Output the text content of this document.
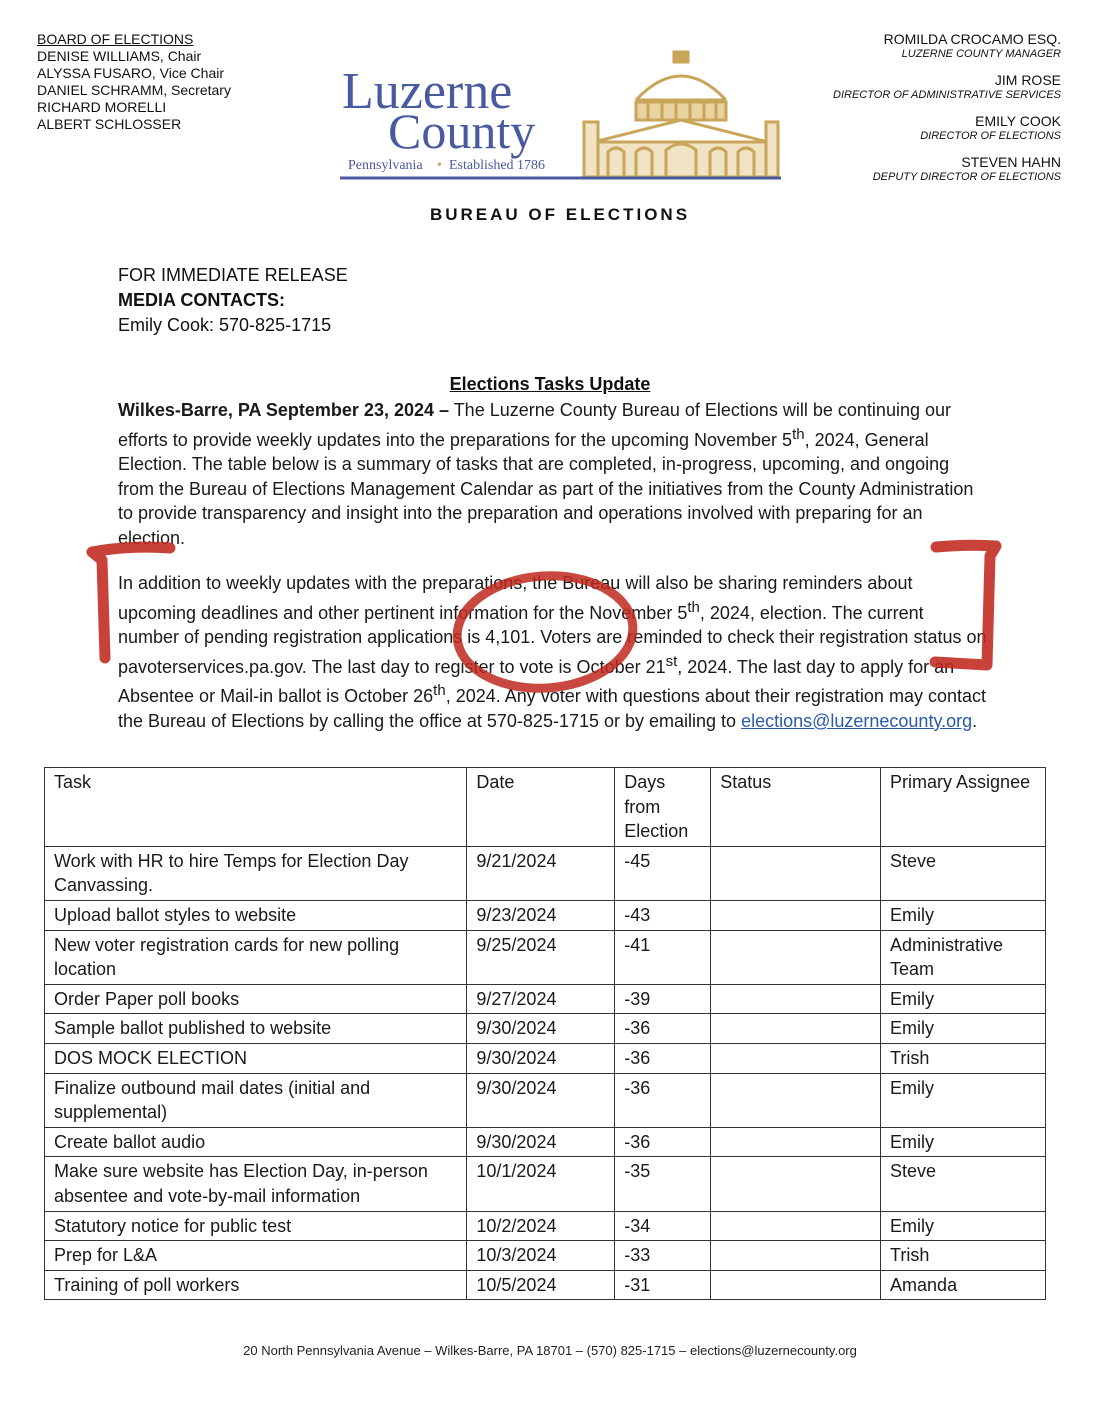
BOARD OF ELECTIONS
DENISE WILLIAMS, Chair
ALYSSA FUSARO, Vice Chair
DANIEL SCHRAMM, Secretary
RICHARD MORELLI
ALBERT SCHLOSSER
ROMILDA CROCAMO ESQ.
LUZERNE COUNTY MANAGER
JIM ROSE
DIRECTOR OF ADMINISTRATIVE SERVICES
EMILY COOK
DIRECTOR OF ELECTIONS
STEVEN HAHN
DEPUTY DIRECTOR OF ELECTIONS
Luzerne
County
Pennsylvania • Established 1786
BUREAU OF ELECTIONS
FOR IMMEDIATE RELEASE
MEDIA CONTACTS:
Emily Cook: 570-825-1715
Elections Tasks Update
Wilkes-Barre, PA September 23, 2024 – The Luzerne County Bureau of Elections will be continuing our efforts to provide weekly updates into the preparations for the upcoming November 5th, 2024, General Election. The table below is a summary of tasks that are completed, in-progress, upcoming, and ongoing from the Bureau of Elections Management Calendar as part of the initiatives from the County Administration to provide transparency and insight into the preparation and operations involved with preparing for an election.
In addition to weekly updates with the preparations, the Bureau will also be sharing reminders about upcoming deadlines and other pertinent information for the November 5th, 2024, election. The current number of pending registration applications is 4,101. Voters are reminded to check their registration status on pavoterservices.pa.gov. The last day to register to vote is October 21st, 2024. The last day to apply for an Absentee or Mail-in ballot is October 26th, 2024. Any voter with questions about their registration may contact the Bureau of Elections by calling the office at 570-825-1715 or by emailing to elections@luzernecounty.org.
Task	Date	Days from Election	Status	Primary Assignee
Work with HR to hire Temps for Election Day Canvassing.	9/21/2024	-45		Steve
Upload ballot styles to website	9/23/2024	-43		Emily
New voter registration cards for new polling location	9/25/2024	-41		Administrative Team
Order Paper poll books	9/27/2024	-39		Emily
Sample ballot published to website	9/30/2024	-36		Emily
DOS MOCK ELECTION	9/30/2024	-36		Trish
Finalize outbound mail dates (initial and supplemental)	9/30/2024	-36		Emily
Create ballot audio	9/30/2024	-36		Emily
Make sure website has Election Day, in-person absentee and vote-by-mail information	10/1/2024	-35		Steve
Statutory notice for public test	10/2/2024	-34		Emily
Prep for L&A	10/3/2024	-33		Trish
Training of poll workers	10/5/2024	-31		Amanda
20 North Pennsylvania Avenue – Wilkes-Barre, PA 18701 – (570) 825-1715 – elections@luzernecounty.org
